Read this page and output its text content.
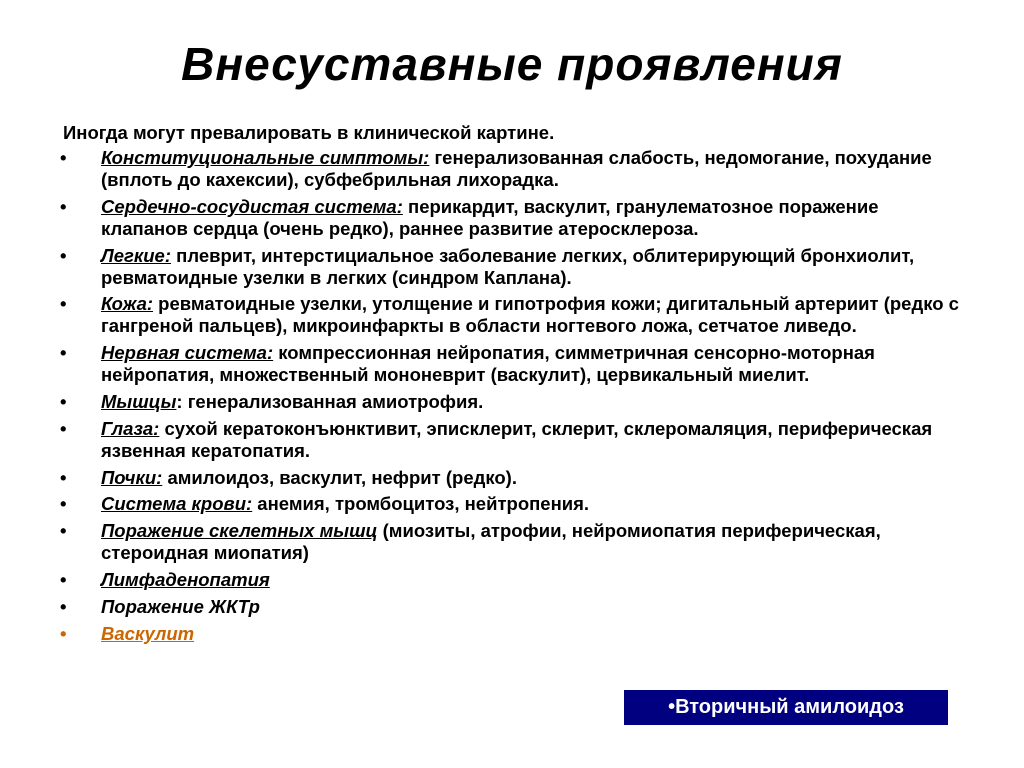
Внесуставные проявления
Иногда могут превалировать в клинической картине.
•	Конституциональные симптомы: генерализованная слабость, недомогание, похудание (вплоть до кахексии), субфебрильная лихорадка.
•	Сердечно-сосудистая система: перикардит, васкулит, гранулематозное поражение клапанов сердца (очень редко), раннее развитие атеросклероза.
•	Легкие: плеврит, интерстициальное заболевание легких, облитерирующий бронхиолит, ревматоидные узелки в легких (синдром Каплана).
•	Кожа: ревматоидные узелки, утолщение и гипотрофия кожи; дигитальный артериит (редко с гангреной пальцев), микроинфаркты в области ногтевого ложа, сетчатое ливедо.
•	Нервная система: компрессионная нейропатия, симметричная сенсорно-моторная нейропатия, множественный мононеврит (васкулит), цервикальный миелит.
•	Мышцы: генерализованная амиотрофия.
•	Глаза: сухой кератоконъюнктивит, эписклерит, склерит, склеромаляция, периферическая язвенная кератопатия.
•	Почки: амилоидоз, васкулит, нефрит (редко).
•	Система крови: анемия, тромбоцитоз, нейтропения.
•	Поражение скелетных мышц (миозиты, атрофии, нейромиопатия периферическая, стероидная миопатия)
•	Лимфаденопатия
•	Поражение ЖКТр
•	Васкулит
•Вторичный амилоидоз
